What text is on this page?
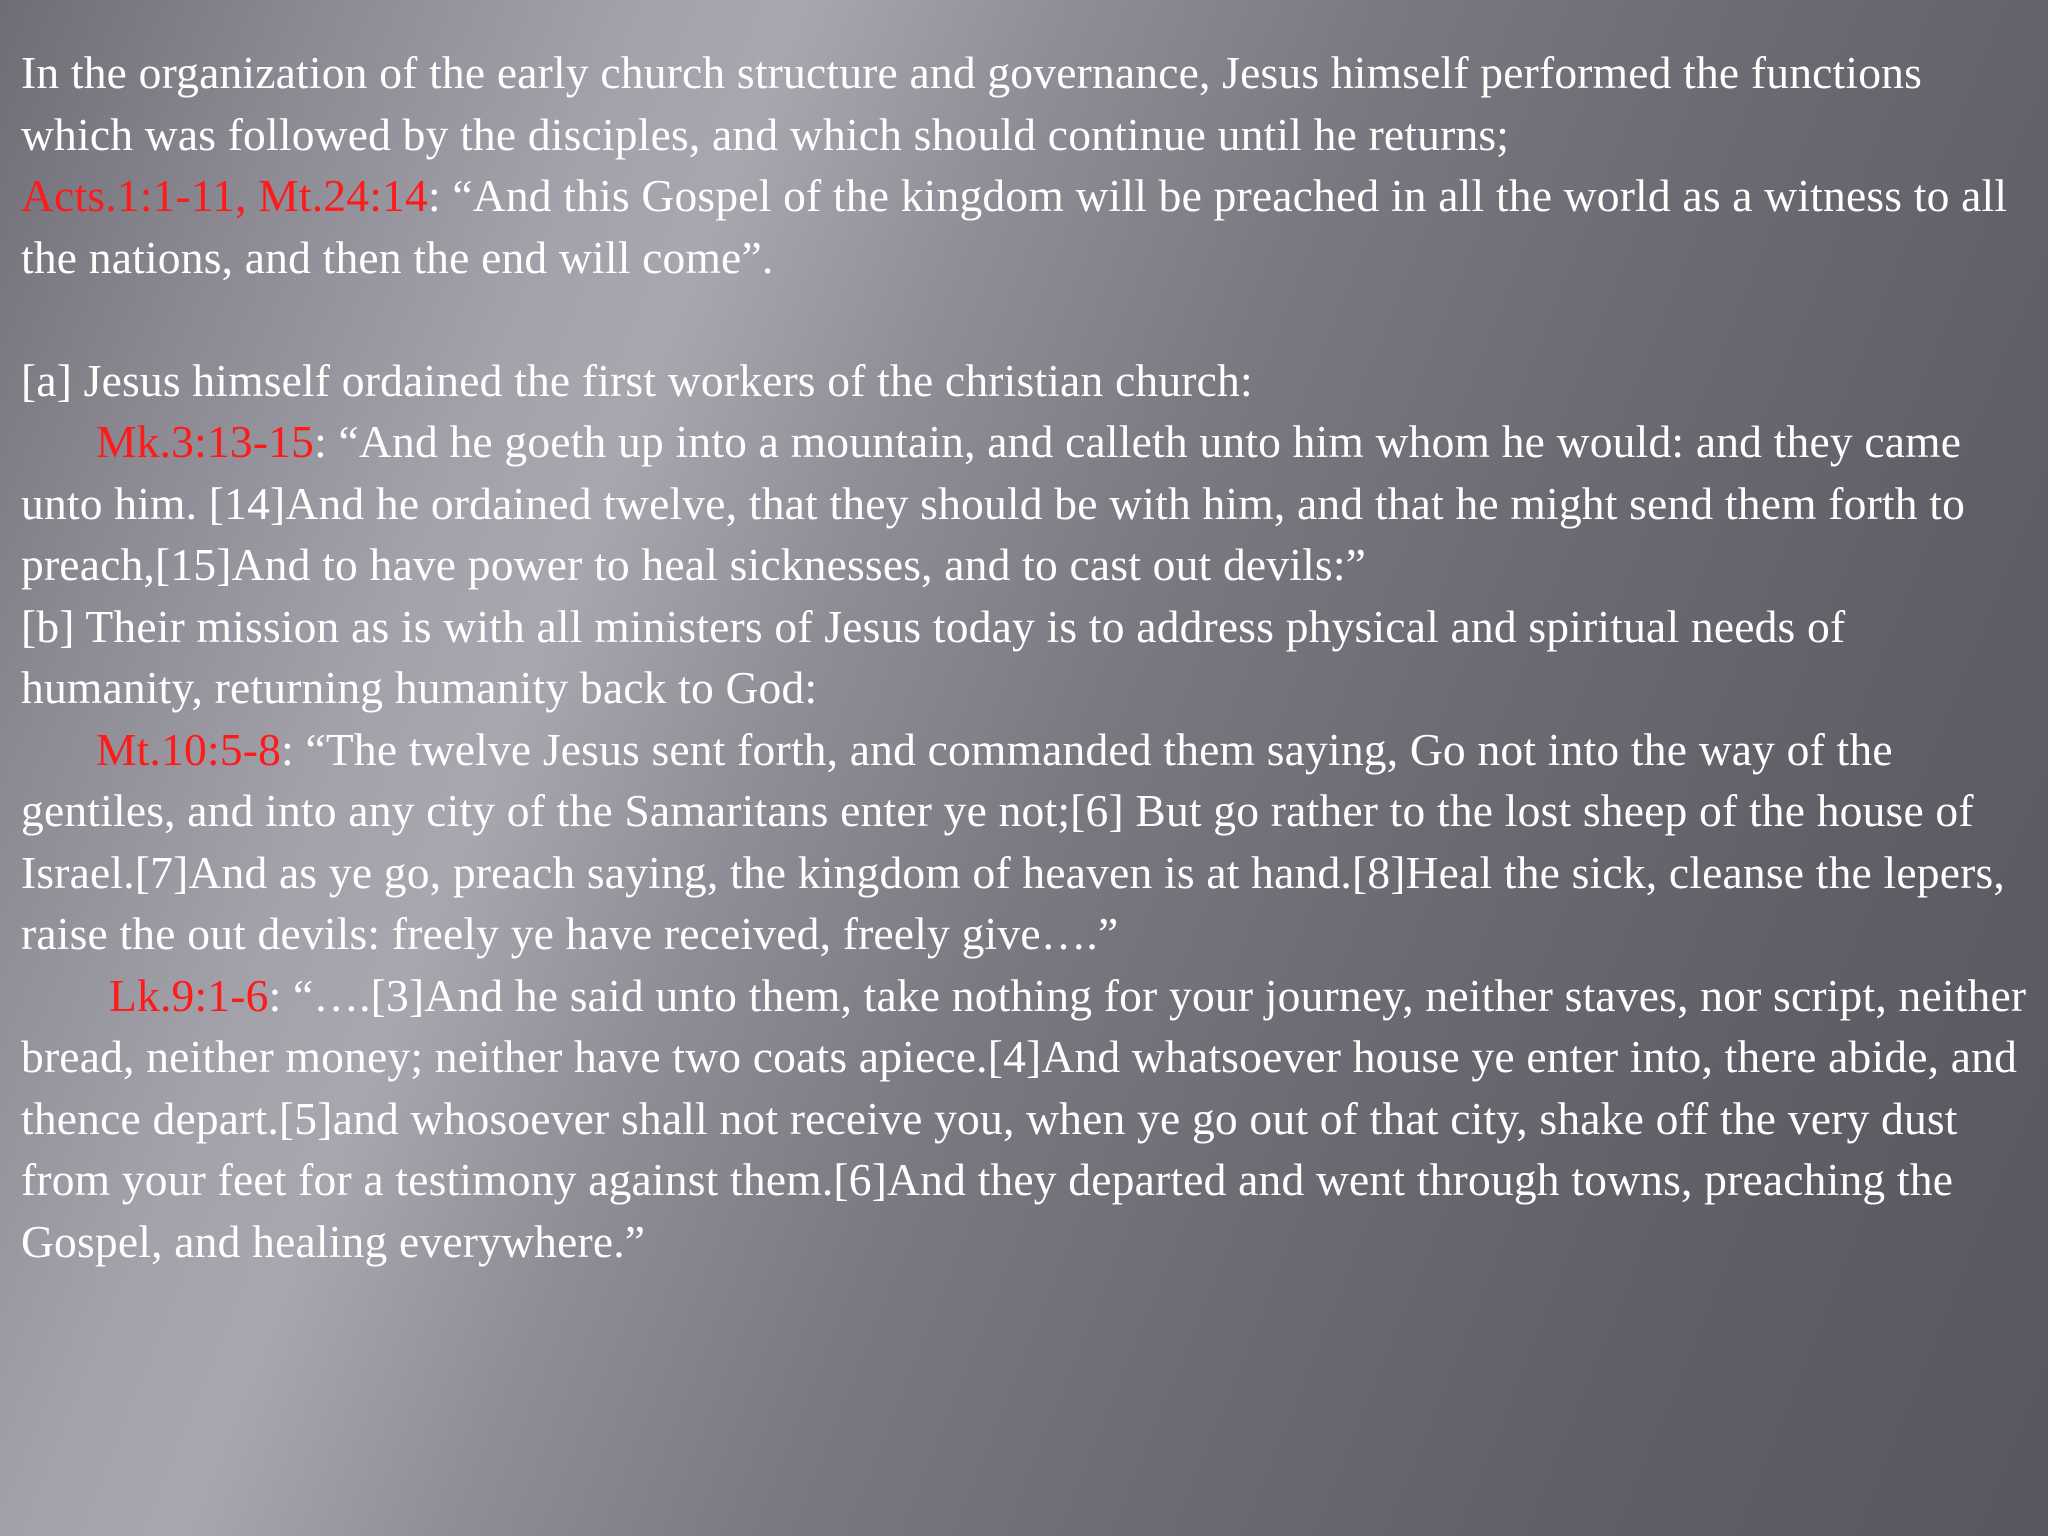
In the organization of the early church structure and governance, Jesus himself performed the functions which was followed by the disciples, and which should continue until he returns;

Acts.1:1-11, Mt.24:14: “And this Gospel of the kingdom will be preached in all the world as a witness to all the nations, and then the end will come”.

[a] Jesus himself ordained the first workers of the christian church:

Mk.3:13-15: “And he goeth up into a mountain, and calleth unto him whom he would: and they came unto him. [14]And he ordained twelve, that they should be with him, and that he might send them forth to preach,[15]And to have power to heal sicknesses, and to cast out devils:”

[b] Their mission as is with all ministers of Jesus today is to address physical and spiritual needs of humanity, returning humanity back to God:

Mt.10:5-8: “The twelve Jesus sent forth, and commanded them saying, Go not into the way of the gentiles, and into any city of the Samaritans enter ye not;[6] But go rather to the lost sheep of the house of Israel.[7]And as ye go, preach saying, the kingdom of heaven is at hand.[8]Heal the sick, cleanse the lepers, raise the out devils: freely ye have received, freely give….”

Lk.9:1-6: “….[3]And he said unto them, take nothing for your journey, neither staves, nor script, neither bread, neither money; neither have two coats apiece.[4]And whatsoever house ye enter into, there abide, and thence depart.[5]and whosoever shall not receive you, when ye go out of that city, shake off the very dust from your feet for a testimony against them.[6]And they departed and went through towns, preaching the Gospel, and healing everywhere.”
